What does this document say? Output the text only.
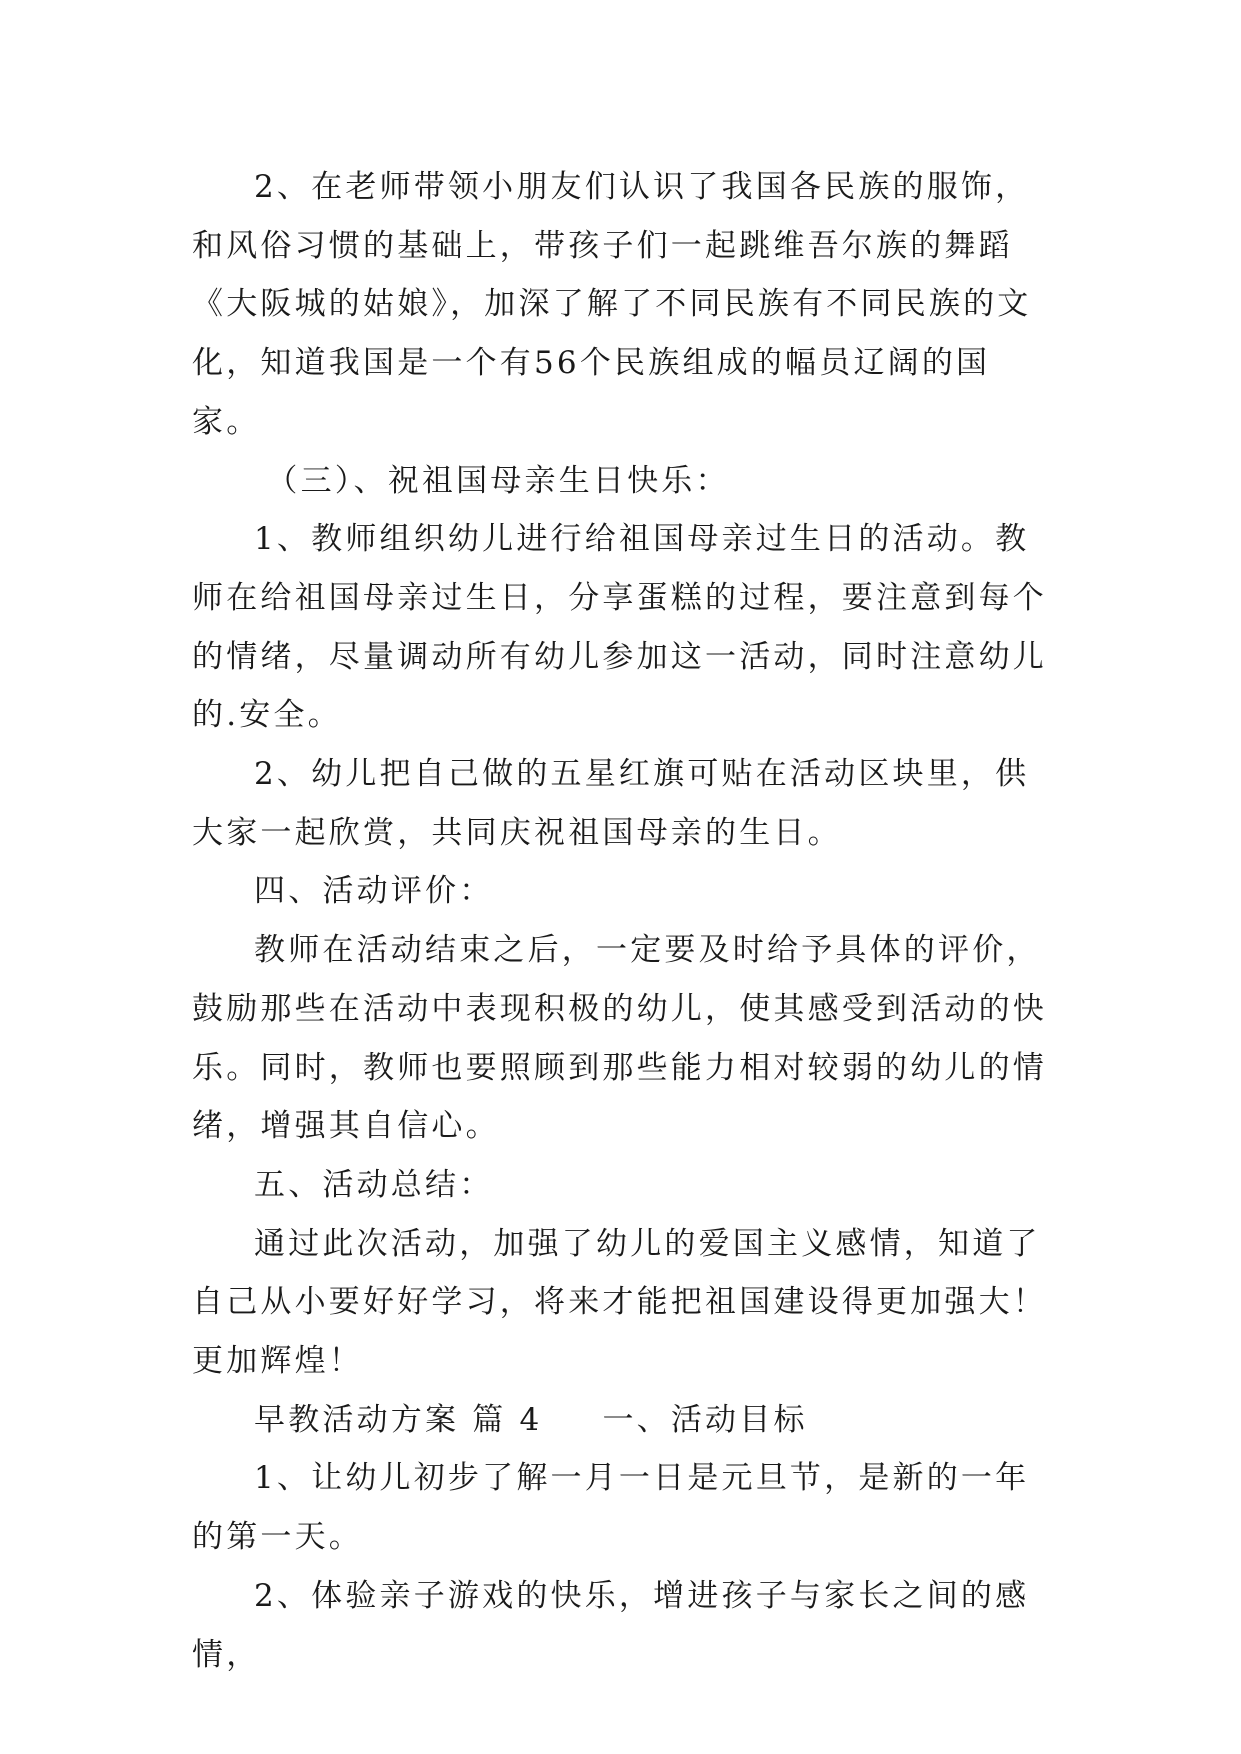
2、在老师带领小朋友们认识了我国各民族的服饰，和风俗习惯的基础上，带孩子们一起跳维吾尔族的舞蹈《大阪城的姑娘》，加深了解了不同民族有不同民族的文化，知道我国是一个有56个民族组成的幅员辽阔的国家。

（三）、祝祖国母亲生日快乐：

1、教师组织幼儿进行给祖国母亲过生日的活动。教师在给祖国母亲过生日，分享蛋糕的过程，要注意到每个的情绪，尽量调动所有幼儿参加这一活动，同时注意幼儿的.安全。

2、幼儿把自己做的五星红旗可贴在活动区块里，供大家一起欣赏，共同庆祝祖国母亲的生日。

四、活动评价：

教师在活动结束之后，一定要及时给予具体的评价，鼓励那些在活动中表现积极的幼儿，使其感受到活动的快乐。同时，教师也要照顾到那些能力相对较弱的幼儿的情绪，增强其自信心。

五、活动总结：

通过此次活动，加强了幼儿的爱国主义感情，知道了自己从小要好好学习，将来才能把祖国建设得更加强大！更加辉煌！

早教活动方案 篇 4 一、活动目标

1、让幼儿初步了解一月一日是元旦节，是新的一年的第一天。

2、体验亲子游戏的快乐，增进孩子与家长之间的感情，
